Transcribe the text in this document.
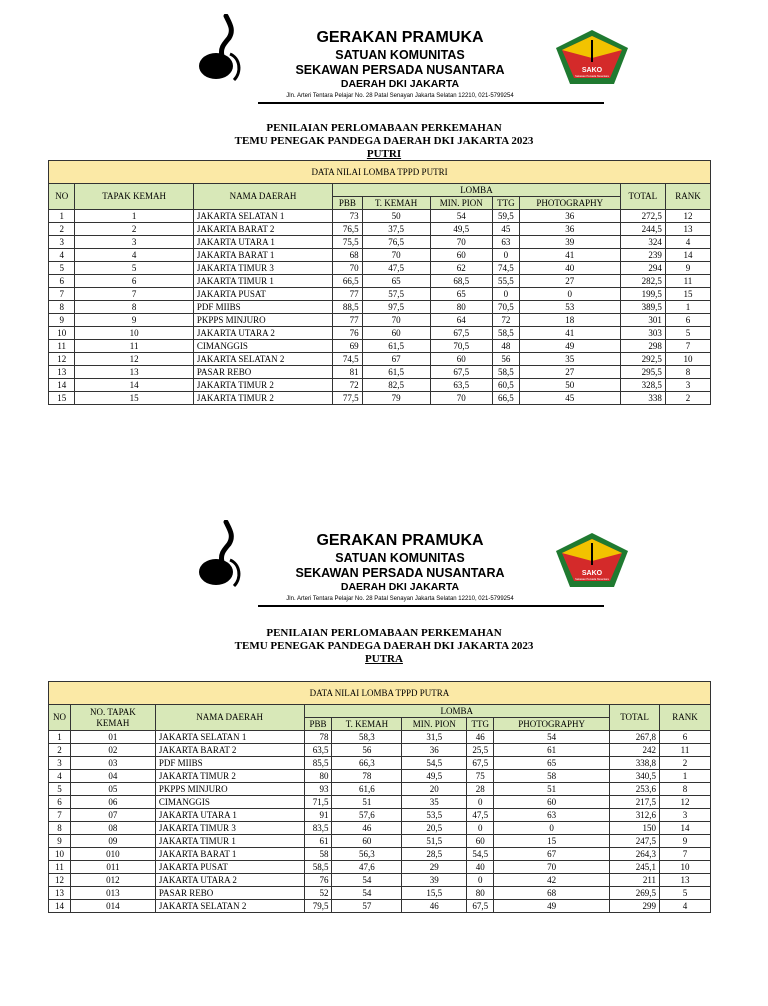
GERAKAN PRAMUKA
SATUAN KOMUNITAS
SEKAWAN PERSADA NUSANTARA
DAERAH DKI JAKARTA
Jln. Arteri Tentara Pelajar No. 28 Patal Senayan Jakarta Selatan 12210, 021-5799254
SAKO
Sekawan Persada Nusantara
PENILAIAN PERLOMABAAN PERKEMAHAN
TEMU PENEGAK PANDEGA DAERAH DKI JAKARTA 2023
PUTRI
DATA NILAI LOMBA TPPD PUTRI									
NO	TAPAK KEMAH	NAMA DAERAH	LOMBA					TOTAL	RANK
			PBB	T. KEMAH	MIN. PION	TTG	PHOTOGRAPHY		
1	1	JAKARTA SELATAN 1	73	50	54	59,5	36	272,5	12
2	2	JAKARTA BARAT 2	76,5	37,5	49,5	45	36	244,5	13
3	3	JAKARTA UTARA 1	75,5	76,5	70	63	39	324	4
4	4	JAKARTA BARAT 1	68	70	60	0	41	239	14
5	5	JAKARTA TIMUR 3	70	47,5	62	74,5	40	294	9
6	6	JAKARTA TIMUR 1	66,5	65	68,5	55,5	27	282,5	11
7	7	JAKARTA PUSAT	77	57,5	65	0	0	199,5	15
8	8	PDF MIIBS	88,5	97,5	80	70,5	53	389,5	1
9	9	PKPPS MINJURO	77	70	64	72	18	301	6
10	10	JAKARTA UTARA 2	76	60	67,5	58,5	41	303	5
11	11	CIMANGGIS	69	61,5	70,5	48	49	298	7
12	12	JAKARTA SELATAN 2	74,5	67	60	56	35	292,5	10
13	13	PASAR REBO	81	61,5	67,5	58,5	27	295,5	8
14	14	JAKARTA TIMUR 2	72	82,5	63,5	60,5	50	328,5	3
15	15	JAKARTA TIMUR 2	77,5	79	70	66,5	45	338	2
GERAKAN PRAMUKA
SATUAN KOMUNITAS
SEKAWAN PERSADA NUSANTARA
DAERAH DKI JAKARTA
Jln. Arteri Tentara Pelajar No. 28 Patal Senayan Jakarta Selatan 12210, 021-5799254
SAKO
Sekawan Persada Nusantara
PENILAIAN PERLOMABAAN PERKEMAHAN
TEMU PENEGAK PANDEGA DAERAH DKI JAKARTA 2023
PUTRA
DATA NILAI LOMBA TPPD PUTRA									
NO	NO. TAPAK KEMAH	NAMA DAERAH	LOMBA					TOTAL	RANK
			PBB	T. KEMAH	MIN. PION	TTG	PHOTOGRAPHY		
1	01	JAKARTA SELATAN 1	78	58,3	31,5	46	54	267,8	6
2	02	JAKARTA BARAT 2	63,5	56	36	25,5	61	242	11
3	03	PDF MIIBS	85,5	66,3	54,5	67,5	65	338,8	2
4	04	JAKARTA TIMUR 2	80	78	49,5	75	58	340,5	1
5	05	PKPPS MINJURO	93	61,6	20	28	51	253,6	8
6	06	CIMANGGIS	71,5	51	35	0	60	217,5	12
7	07	JAKARTA UTARA 1	91	57,6	53,5	47,5	63	312,6	3
8	08	JAKARTA TIMUR 3	83,5	46	20,5	0	0	150	14
9	09	JAKARTA TIMUR 1	61	60	51,5	60	15	247,5	9
10	010	JAKARTA BARAT 1	58	56,3	28,5	54,5	67	264,3	7
11	011	JAKARTA PUSAT	58,5	47,6	29	40	70	245,1	10
12	012	JAKARTA UTARA 2	76	54	39	0	42	211	13
13	013	PASAR REBO	52	54	15,5	80	68	269,5	5
14	014	JAKARTA SELATAN 2	79,5	57	46	67,5	49	299	4
